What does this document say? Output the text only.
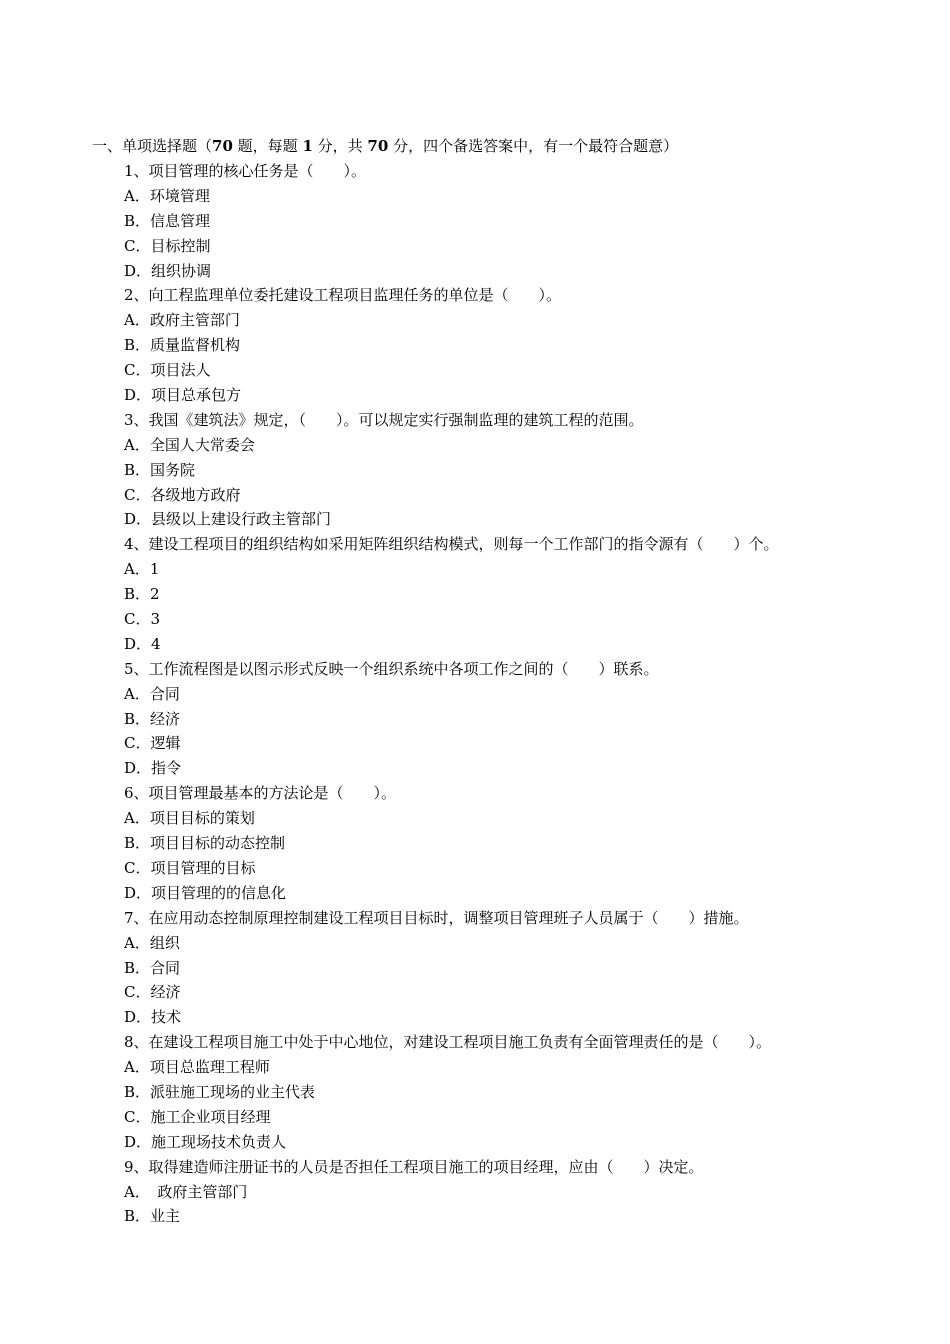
一、单项选择题（70 题，每题 1 分，共 70 分，四个备选答案中，有一个最符合题意）
1、项目管理的核心任务是（　　）。
A．环境管理
B．信息管理
C．目标控制
D．组织协调
2、向工程监理单位委托建设工程项目监理任务的单位是（　　）。
A．政府主管部门
B．质量监督机构
C．项目法人
D．项目总承包方
3、我国《建筑法》规定，（　　）。可以规定实行强制监理的建筑工程的范围。
A．全国人大常委会
B．国务院
C．各级地方政府
D．县级以上建设行政主管部门
4、建设工程项目的组织结构如采用矩阵组织结构模式，则每一个工作部门的指令源有（　　）个。
A．1
B．2
C．3
D．4
5、工作流程图是以图示形式反映一个组织系统中各项工作之间的（　　）联系。
A．合同
B．经济
C．逻辑
D．指令
6、项目管理最基本的方法论是（　　）。
A．项目目标的策划
B．项目目标的动态控制
C．项目管理的目标
D．项目管理的的信息化
7、在应用动态控制原理控制建设工程项目目标时，调整项目管理班子人员属于（　　）措施。
A．组织
B．合同
C．经济
D．技术
8、在建设工程项目施工中处于中心地位，对建设工程项目施工负责有全面管理责任的是（　　）。
A．项目总监理工程师
B．派驻施工现场的业主代表
C．施工企业项目经理
D．施工现场技术负责人
9、取得建造师注册证书的人员是否担任工程项目施工的项目经理，应由（　　）决定。
A．　政府主管部门
B．业主
